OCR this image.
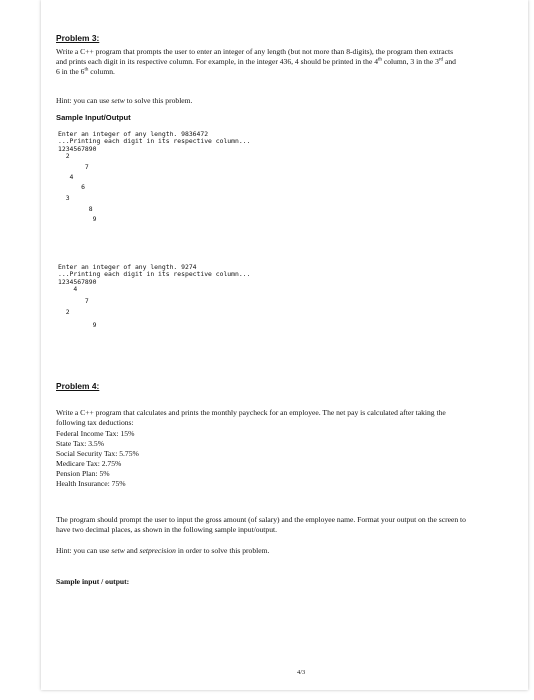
Problem 3:

Write a C++ program that prompts the user to enter an integer of any length (but not more than 8-digits), the program then extracts and prints each digit in its respective column. For example, in the integer 436, 4 should be printed in the 4th column, 3 in the 3rd and 6 in the 6th column.

Hint: you can use setw to solve this problem.

Sample Input/Output
Enter an integer of any length. 9836472
...Printing each digit in its respective column...
1234567890
2
7
4
6
3
8
9
Enter an integer of any length. 9274
...Printing each digit in its respective column...
1234567890
4
7
2
9
Problem 4:

Write a C++ program that calculates and prints the monthly paycheck for an employee. The net pay is calculated after taking the following tax deductions:

Federal Income Tax: 15%
State Tax: 3.5%
Social Security Tax: 5.75%
Medicare Tax: 2.75%
Pension Plan: 5%
Health Insurance: 75%

The program should prompt the user to input the gross amount (of salary) and the employee name. Format your output on the screen to have two decimal places, as shown in the following sample input/output.

Hint: you can use setw and setprecision in order to solve this problem.

Sample input / output:
4/3
